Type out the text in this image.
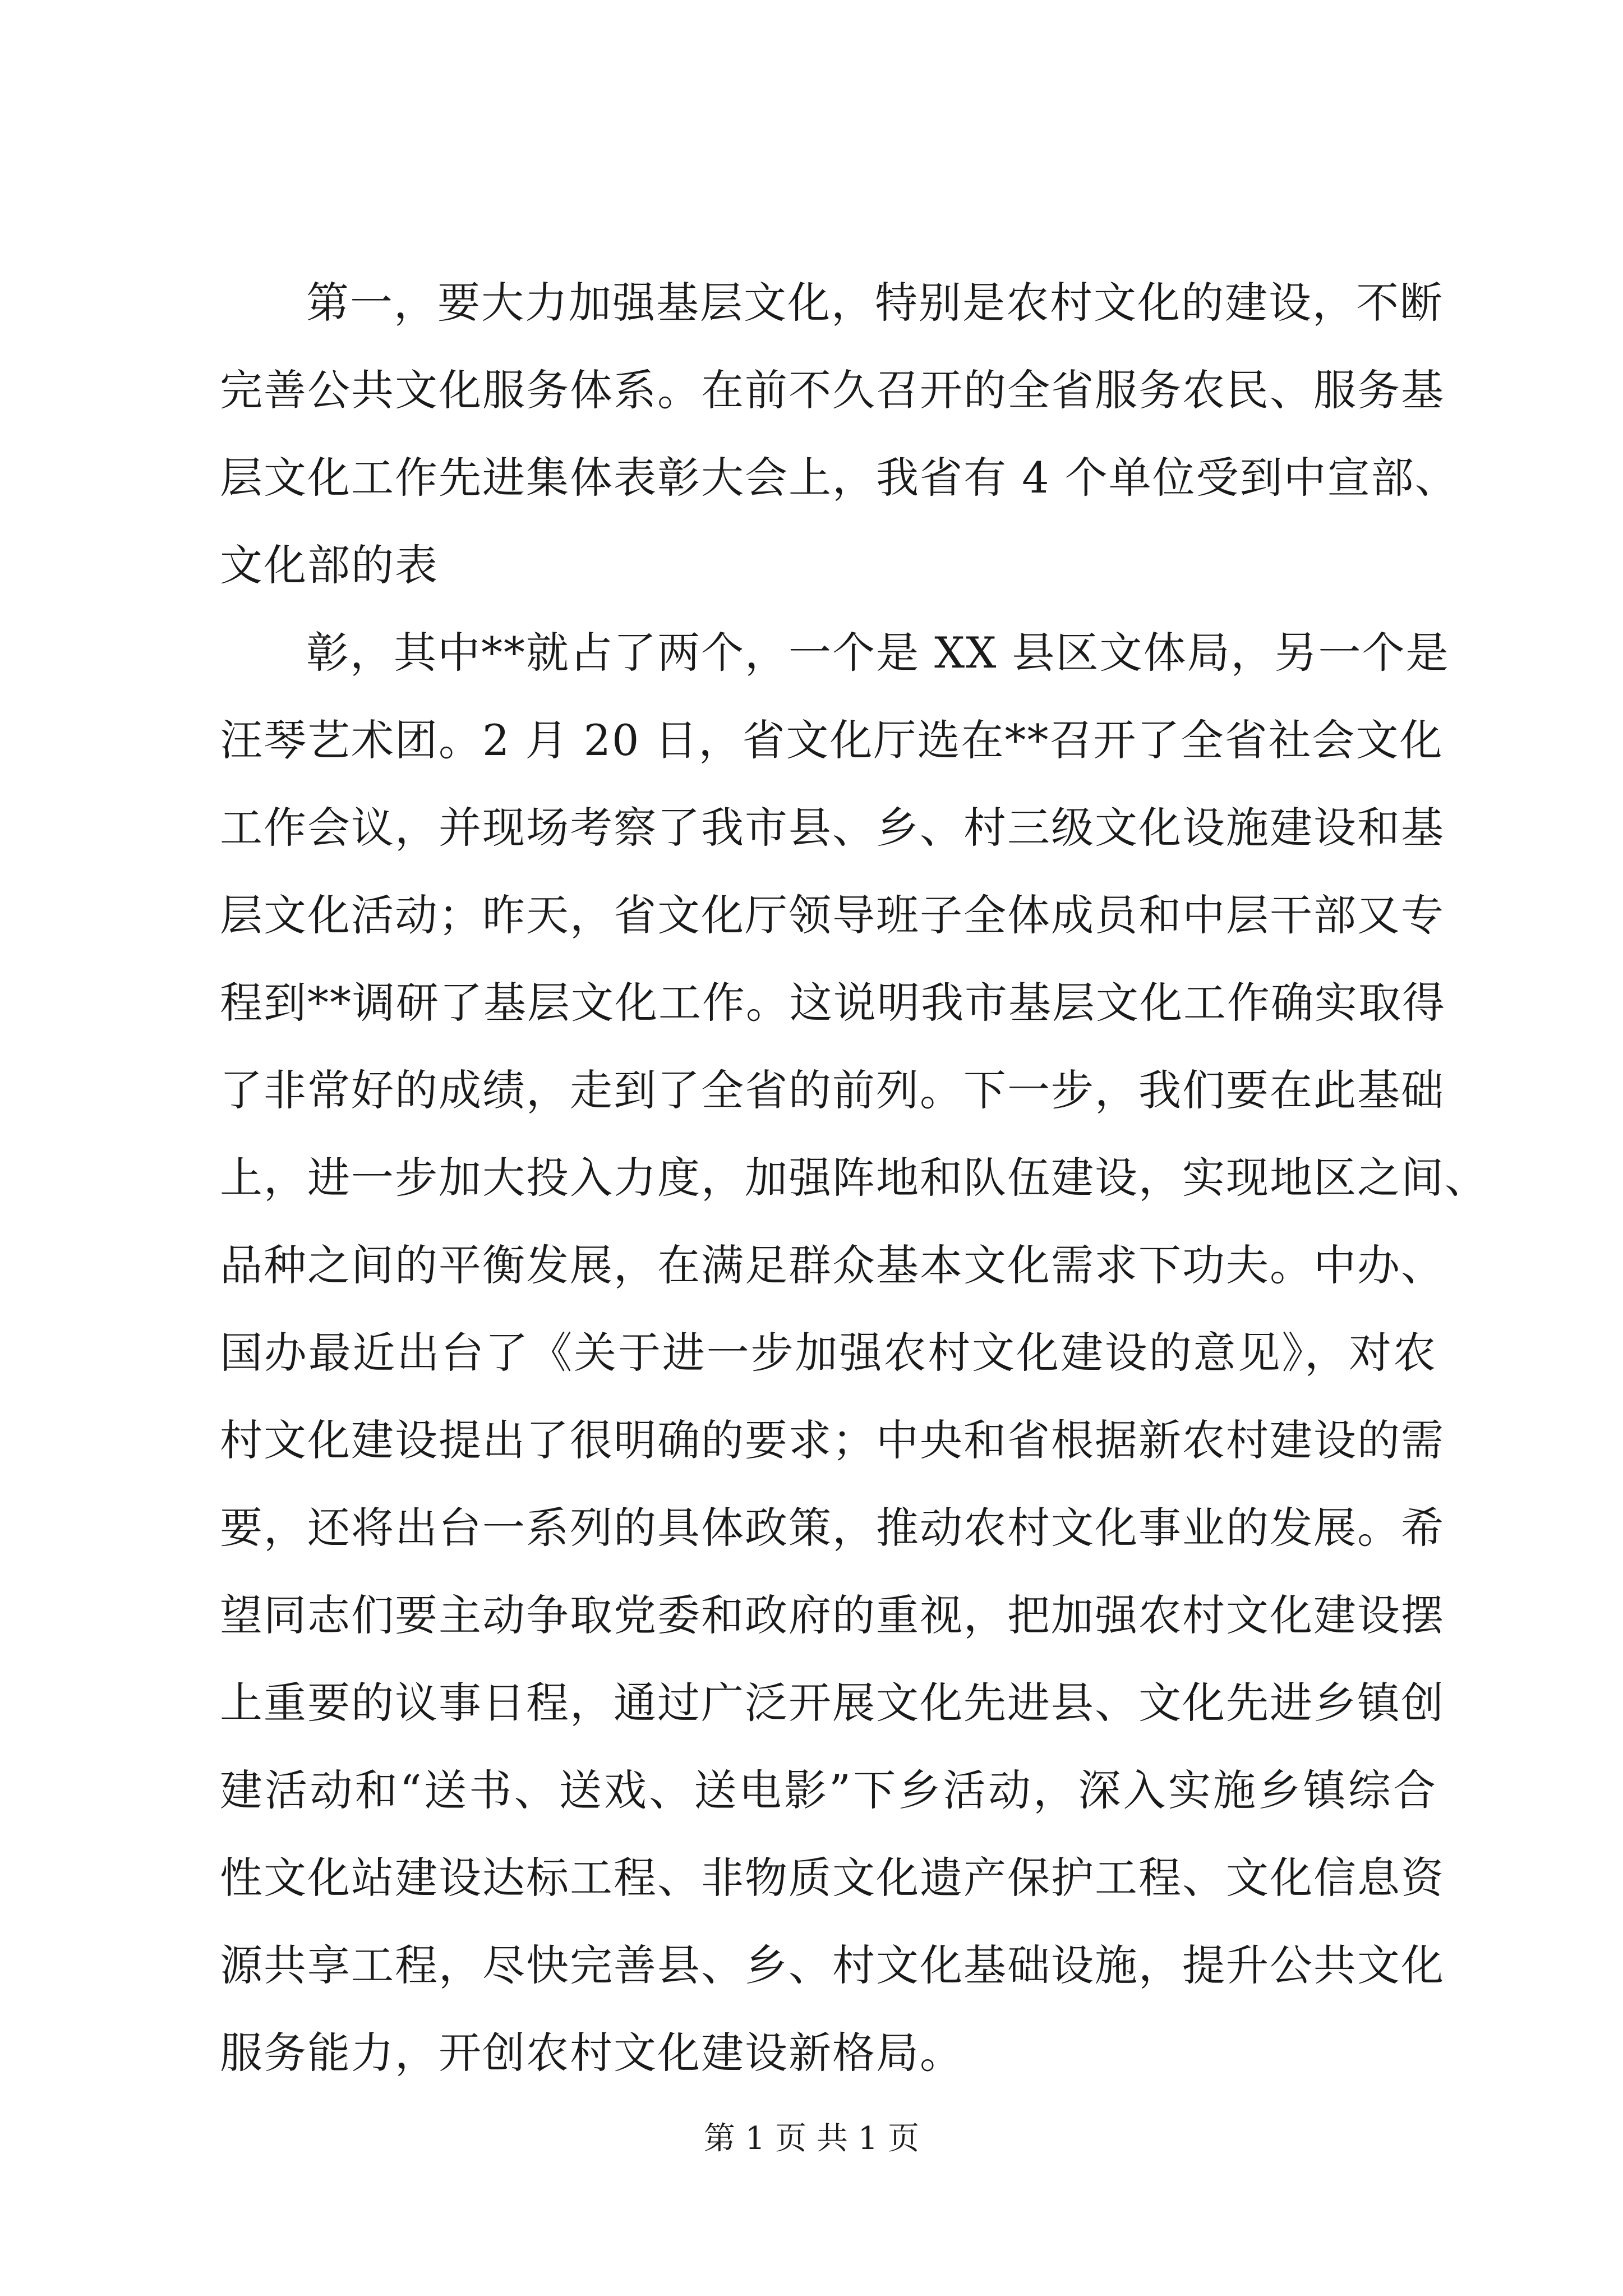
第一，要大力加强基层文化，特别是农村文化的建设，不断
完善公共文化服务体系。在前不久召开的全省服务农民、服务基
层文化工作先进集体表彰大会上，我省有 4 个单位受到中宣部、
文化部的表
彰，其中**就占了两个，一个是 XX 县区文体局，另一个是
汪琴艺术团。2 月 20 日，省文化厅选在**召开了全省社会文化
工作会议，并现场考察了我市县、乡、村三级文化设施建设和基
层文化活动；昨天，省文化厅领导班子全体成员和中层干部又专
程到**调研了基层文化工作。这说明我市基层文化工作确实取得
了非常好的成绩，走到了全省的前列。下一步，我们要在此基础
上，进一步加大投入力度，加强阵地和队伍建设，实现地区之间、
品种之间的平衡发展，在满足群众基本文化需求下功夫。中办、
国办最近出台了《关于进一步加强农村文化建设的意见》，对农
村文化建设提出了很明确的要求；中央和省根据新农村建设的需
要，还将出台一系列的具体政策，推动农村文化事业的发展。希
望同志们要主动争取党委和政府的重视，把加强农村文化建设摆
上重要的议事日程，通过广泛开展文化先进县、文化先进乡镇创
建活动和“送书、送戏、送电影”下乡活动，深入实施乡镇综合
性文化站建设达标工程、非物质文化遗产保护工程、文化信息资
源共享工程，尽快完善县、乡、村文化基础设施，提升公共文化
服务能力，开创农村文化建设新格局。
第 1 页 共 1 页
